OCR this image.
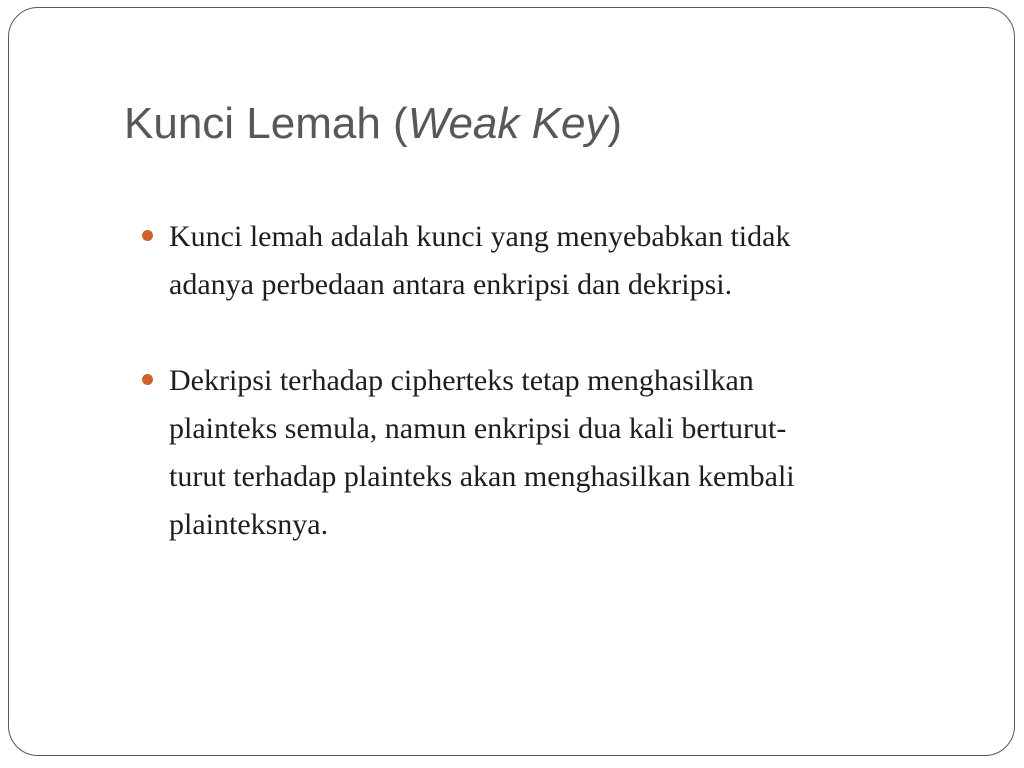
Kunci Lemah (Weak Key)
Kunci lemah adalah kunci yang menyebabkan tidak
adanya perbedaan antara enkripsi dan dekripsi.
Dekripsi terhadap cipherteks tetap menghasilkan
plainteks semula, namun enkripsi dua kali berturut-
turut terhadap plainteks akan menghasilkan kembali
plainteksnya.
